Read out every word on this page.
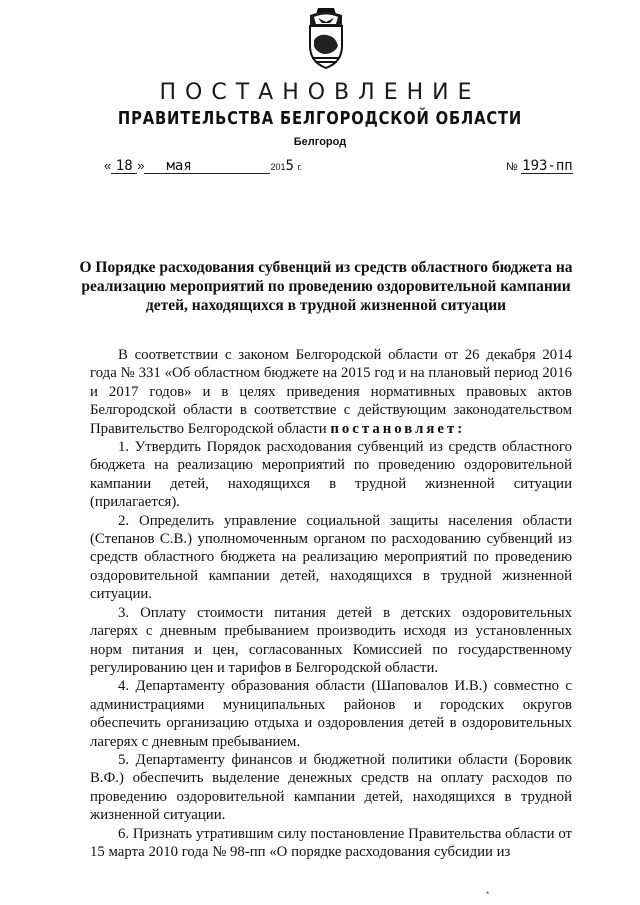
ПОСТАНОВЛЕНИЕ
ПРАВИТЕЛЬСТВА БЕЛГОРОДСКОЙ ОБЛАСТИ
Белгород
« 18 » мая	2015 г.	№ 193-пп
О Порядке расходования субвенций из средств областного бюджета на реализацию мероприятий по проведению оздоровительной кампании детей, находящихся в трудной жизненной ситуации

В соответствии с законом Белгородской области от 26 декабря 2014 года № 331 «Об областном бюджете на 2015 год и на плановый период 2016 и 2017 годов» и в целях приведения нормативных правовых актов Белгородской области в соответствие с действующим законодательством Правительство Белгородской области постановляет:

1. Утвердить Порядок расходования субвенций из средств областного бюджета на реализацию мероприятий по проведению оздоровительной кампании детей, находящихся в трудной жизненной ситуации (прилагается).

2. Определить управление социальной защиты населения области (Степанов С.В.) уполномоченным органом по расходованию субвенций из средств областного бюджета на реализацию мероприятий по проведению оздоровительной кампании детей, находящихся в трудной жизненной ситуации.

3. Оплату стоимости питания детей в детских оздоровительных лагерях с дневным пребыванием производить исходя из установленных норм питания и цен, согласованных Комиссией по государственному регулированию цен и тарифов в Белгородской области.

4. Департаменту образования области (Шаповалов И.В.) совместно с администрациями муниципальных районов и городских округов обеспечить организацию отдыха и оздоровления детей в оздоровительных лагерях с дневным пребыванием.

5. Департаменту финансов и бюджетной политики области (Боровик В.Ф.) обеспечить выделение денежных средств на оплату расходов по проведению оздоровительной кампании детей, находящихся в трудной жизненной ситуации.

6. Признать утратившим силу постановление Правительства области от 15 марта 2010 года № 98-пп «О порядке расходования субсидии из

*
